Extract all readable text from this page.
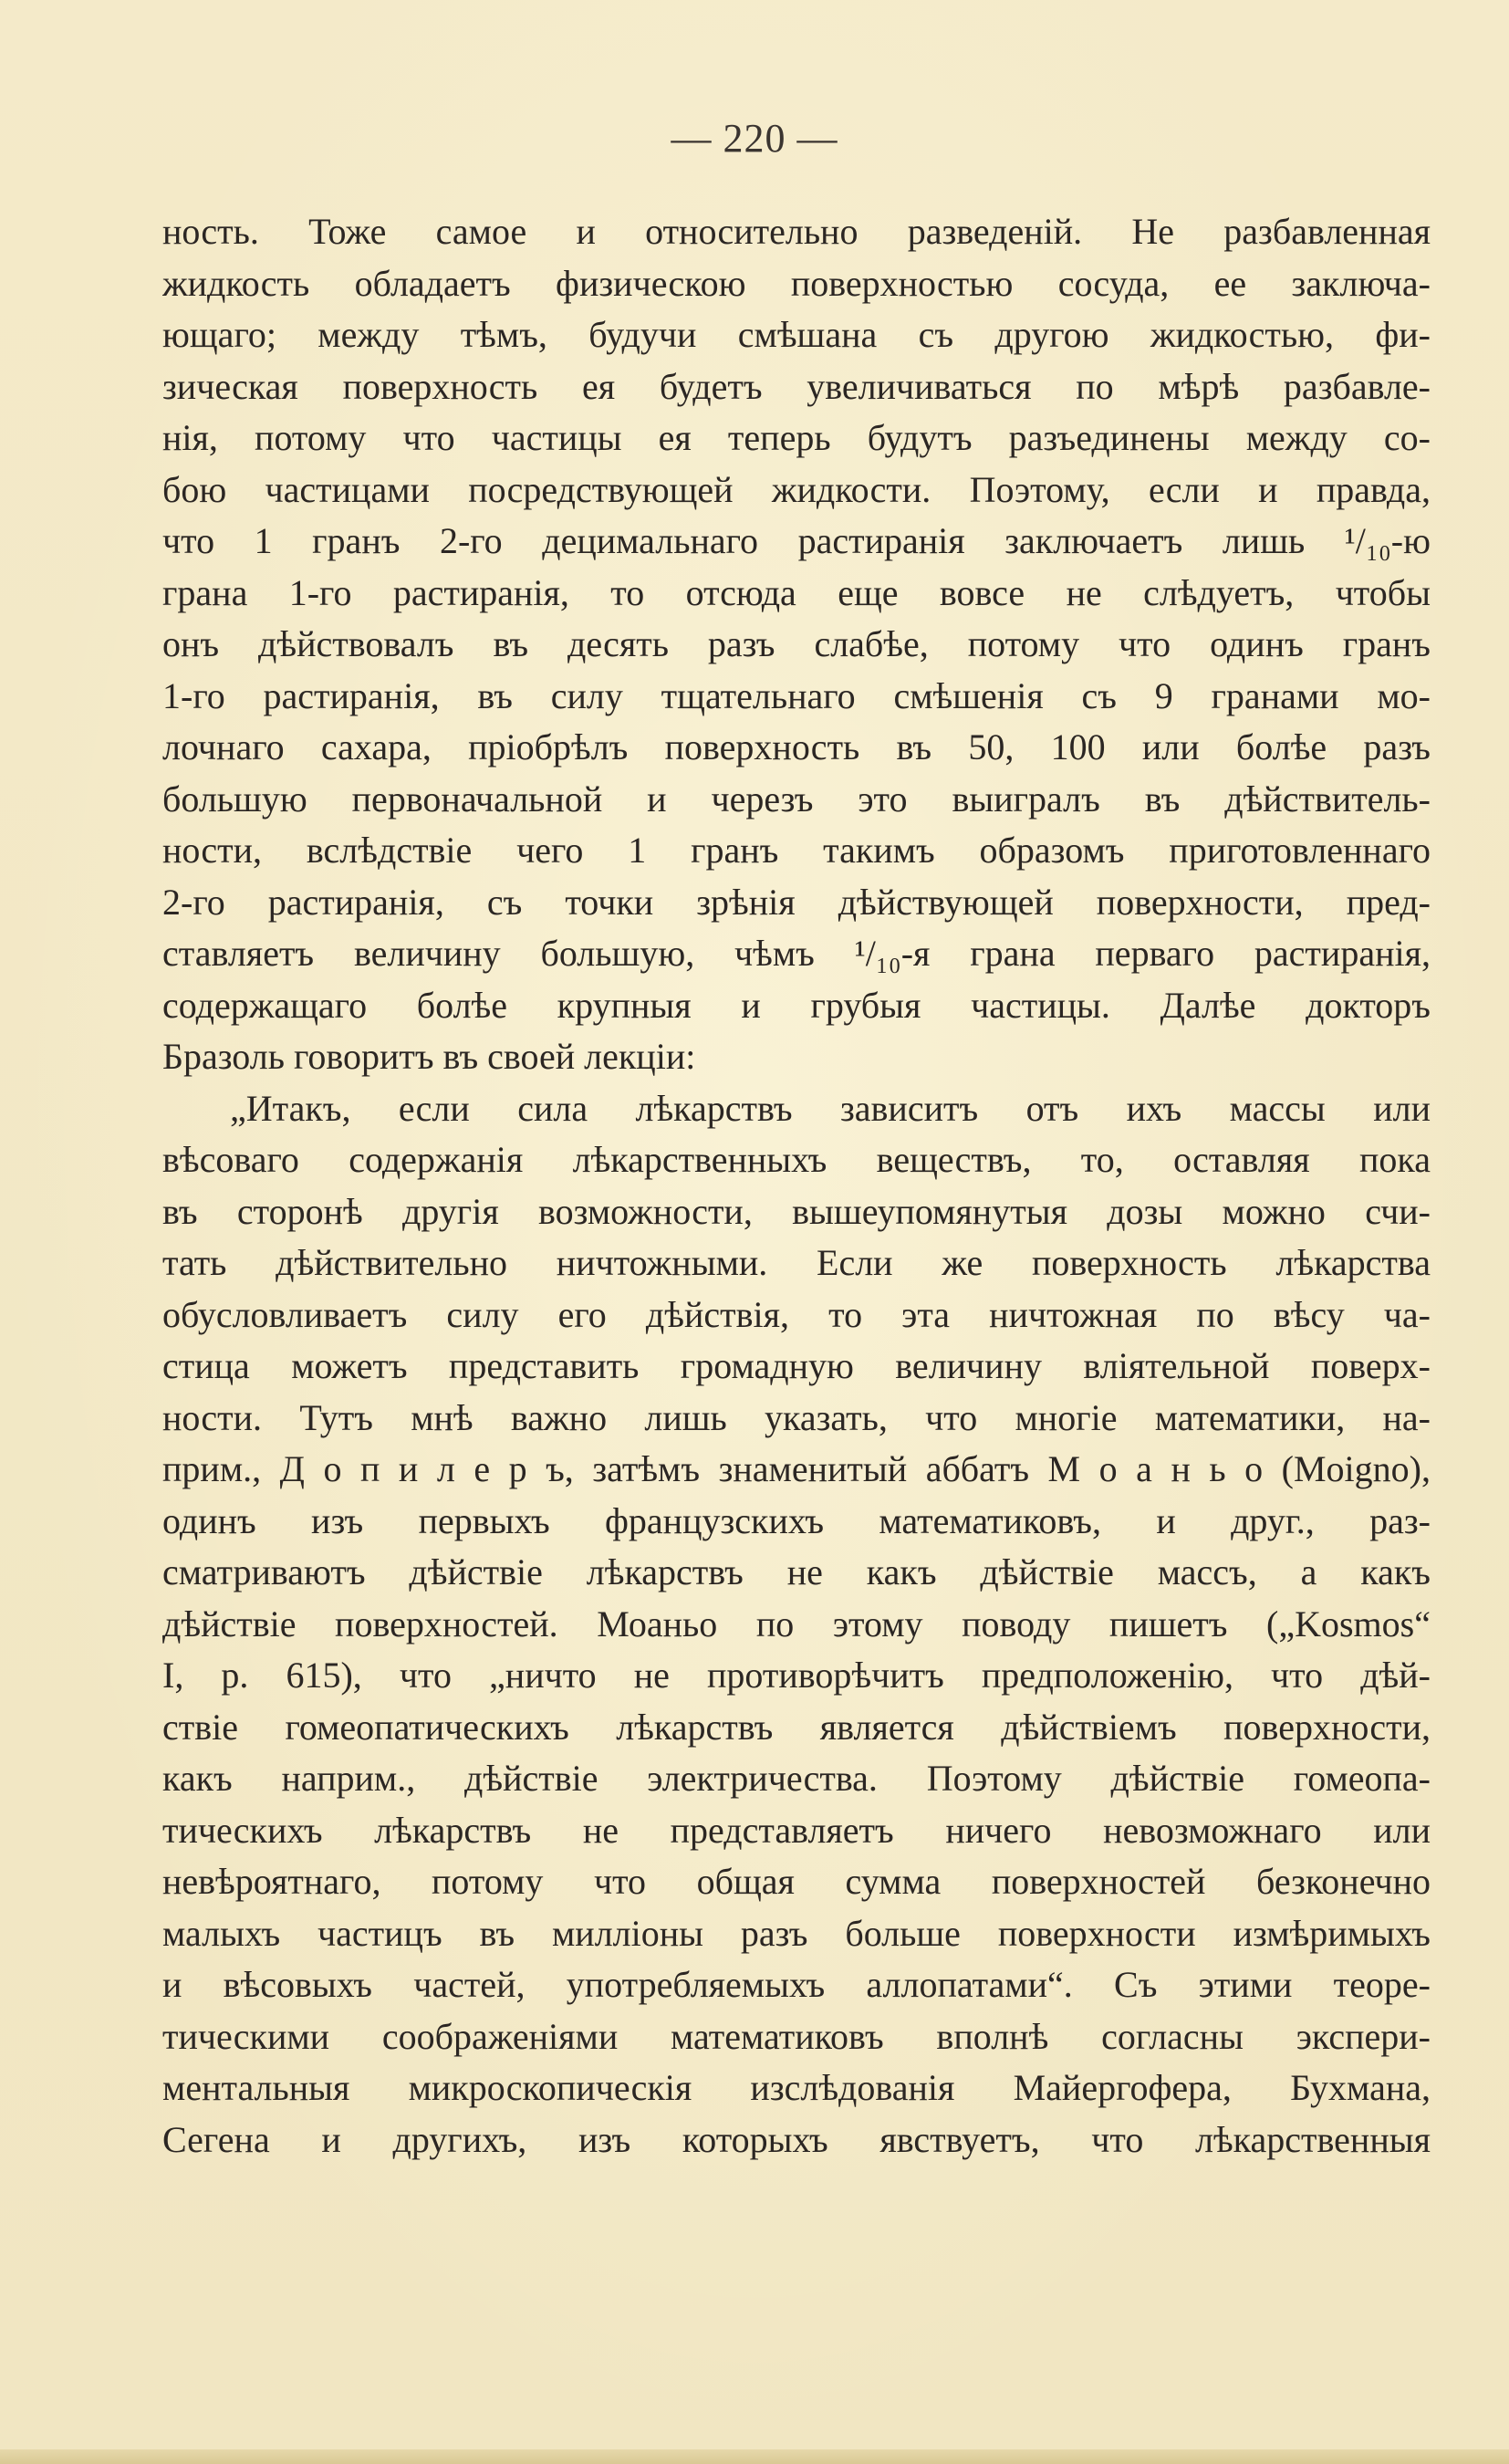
— 220 —
ность. Тоже самое и относительно разведеній. Не разбавленная
жидкость обладаетъ физическою поверхностью сосуда, ее заключа-
ющаго; между тѣмъ, будучи смѣшана съ другою жидкостью, фи-
зическая поверхность ея будетъ увеличиваться по мѣрѣ разбавле-
нія, потому что частицы ея теперь будутъ разъединены между со-
бою частицами посредствующей жидкости. Поэтому, если и правда,
что 1 гранъ 2-го децимальнаго растиранія заключаетъ лишь ¹/₁₀-ю
грана 1-го растиранія, то отсюда еще вовсе не слѣдуетъ, чтобы
онъ дѣйствовалъ въ десять разъ слабѣе, потому что одинъ гранъ
1-го растиранія, въ силу тщательнаго смѣшенія съ 9 гранами мо-
лочнаго сахара, пріобрѣлъ поверхность въ 50, 100 или болѣе разъ
большую первоначальной и черезъ это выигралъ въ дѣйствитель-
ности, вслѣдствіе чего 1 гранъ такимъ образомъ приготовленнаго
2-го растиранія, съ точки зрѣнія дѣйствующей поверхности, пред-
ставляетъ величину большую, чѣмъ ¹/₁₀-я грана перваго растиранія,
содержащаго болѣе крупныя и грубыя частицы. Далѣе докторъ
Бразоль говоритъ въ своей лекціи:
„Итакъ, если сила лѣкарствъ зависитъ отъ ихъ массы или
вѣсоваго содержанія лѣкарственныхъ веществъ, то, оставляя пока
въ сторонѣ другія возможности, вышеупомянутыя дозы можно счи-
тать дѣйствительно ничтожными. Если же поверхность лѣкарства
обусловливаетъ силу его дѣйствія, то эта ничтожная по вѣсу ча-
стица можетъ представить громадную величину вліятельной поверх-
ности. Тутъ мнѣ важно лишь указать, что многіе математики, на-
прим., Д о п и л е р ъ, затѣмъ знаменитый аббатъ М о а н ь о (Moigno),
одинъ изъ первыхъ французскихъ математиковъ, и друг., раз-
сматриваютъ дѣйствіе лѣкарствъ не какъ дѣйствіе массъ, а какъ
дѣйствіе поверхностей. Моаньо по этому поводу пишетъ („Kosmos“
I, p. 615), что „ничто не противорѣчитъ предположенію, что дѣй-
ствіе гомеопатическихъ лѣкарствъ является дѣйствіемъ поверхности,
какъ наприм., дѣйствіе электричества. Поэтому дѣйствіе гомеопа-
тическихъ лѣкарствъ не представляетъ ничего невозможнаго или
невѣроятнаго, потому что общая сумма поверхностей безконечно
малыхъ частицъ въ милліоны разъ больше поверхности измѣримыхъ
и вѣсовыхъ частей, употребляемыхъ аллопатами“. Съ этими теоре-
тическими соображеніями математиковъ вполнѣ согласны экспери-
ментальныя микроскопическія изслѣдованія Майергофера, Бухмана,
Сегена и другихъ, изъ которыхъ явствуетъ, что лѣкарственныя
